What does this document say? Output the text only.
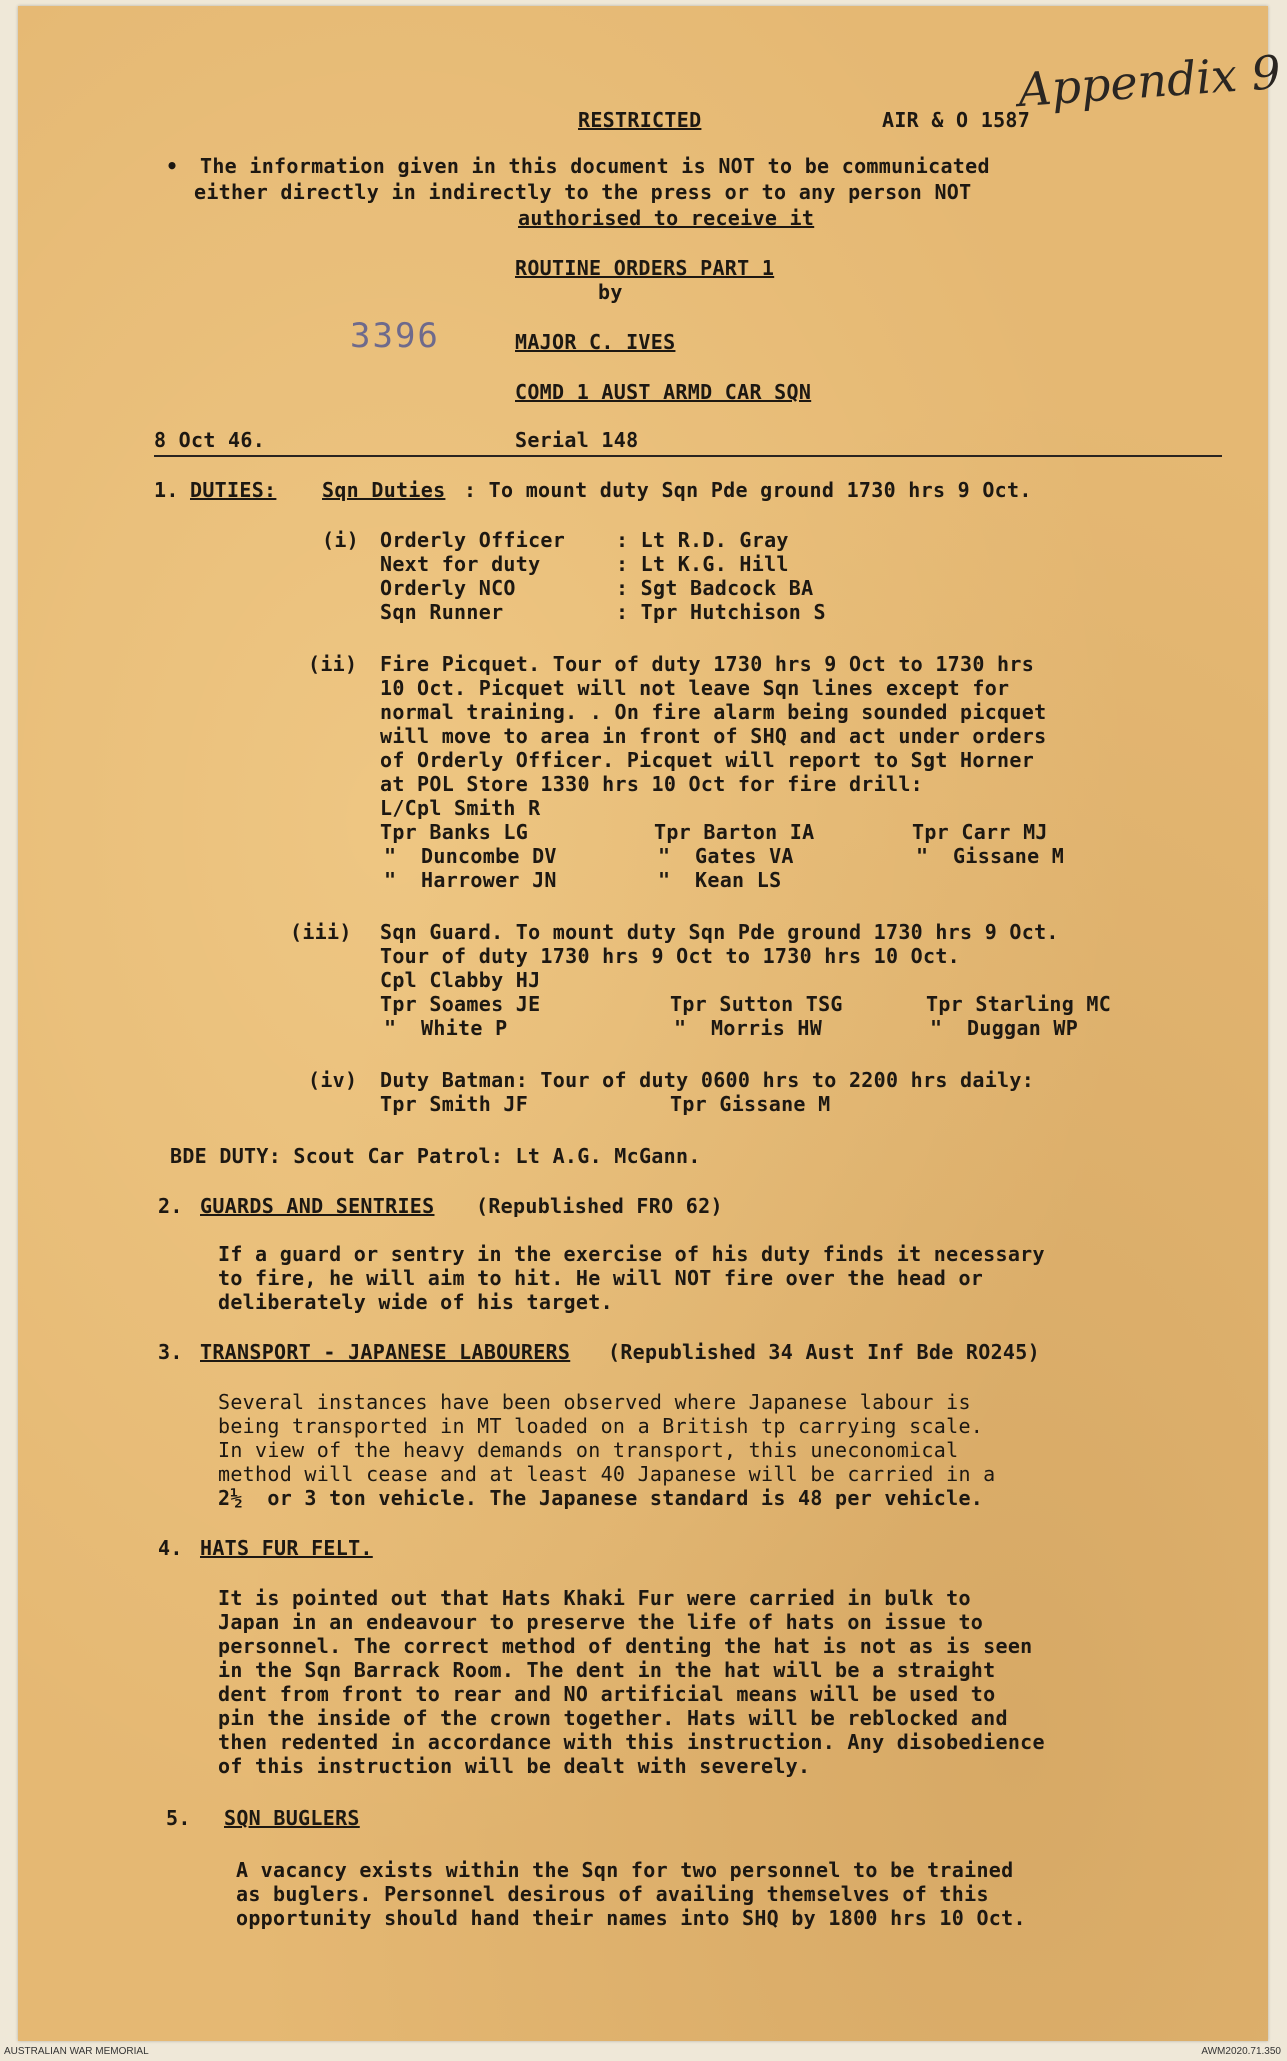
Appendix 9
RESTRICTED	AIR & O 1587
• The information given in this document is NOT to be communicated
either directly in indirectly to the press or to any person NOT
authorised to receive it
ROUTINE ORDERS PART 1
by
3396	MAJOR C. IVES
COMD 1 AUST ARMD CAR SQN
8 Oct 46.	Serial 148
1. DUTIES: Sqn Duties : To mount duty Sqn Pde ground 1730 hrs 9 Oct.
(i) Orderly Officer	: Lt R.D. Gray
Next for duty	: Lt K.G. Hill
Orderly NCO	: Sgt Badcock BA
Sqn Runner	: Tpr Hutchison S
(ii) Fire Picquet. Tour of duty 1730 hrs 9 Oct to 1730 hrs
10 Oct. Picquet will not leave Sqn lines except for
normal training. . On fire alarm being sounded picquet
will move to area in front of SHQ and act under orders
of Orderly Officer. Picquet will report to Sgt Horner
at POL Store 1330 hrs 10 Oct for fire drill:
L/Cpl Smith R
Tpr Banks LG	Tpr Barton IA	Tpr Carr MJ
"  Duncombe DV	"  Gates VA	"  Gissane M
"  Harrower JN	"  Kean LS
(iii) Sqn Guard. To mount duty Sqn Pde ground 1730 hrs 9 Oct.
Tour of duty 1730 hrs 9 Oct to 1730 hrs 10 Oct.
Cpl Clabby HJ
Tpr Soames JE	Tpr Sutton TSG	Tpr Starling MC
"  White P	"  Morris HW	"  Duggan WP
(iv) Duty Batman: Tour of duty 0600 hrs to 2200 hrs daily:
Tpr Smith JF	Tpr Gissane M
BDE DUTY: Scout Car Patrol: Lt A.G. McGann.
2. GUARDS AND SENTRIES (Republished FRO 62)
If a guard or sentry in the exercise of his duty finds it necessary
to fire, he will aim to hit. He will NOT fire over the head or
deliberately wide of his target.
3. TRANSPORT - JAPANESE LABOURERS (Republished 34 Aust Inf Bde RO245)
Several instances have been observed where Japanese labour is
being transported in MT loaded on a British tp carrying scale.
In view of the heavy demands on transport, this uneconomical
method will cease and at least 40 Japanese will be carried in a
2½  or 3 ton vehicle. The Japanese standard is 48 per vehicle.
4. HATS FUR FELT.
It is pointed out that Hats Khaki Fur were carried in bulk to
Japan in an endeavour to preserve the life of hats on issue to
personnel. The correct method of denting the hat is not as is seen
in the Sqn Barrack Room. The dent in the hat will be a straight
dent from front to rear and NO artificial means will be used to
pin the inside of the crown together. Hats will be reblocked and
then redented in accordance with this instruction. Any disobedience
of this instruction will be dealt with severely.
5. SQN BUGLERS
A vacancy exists within the Sqn for two personnel to be trained
as buglers. Personnel desirous of availing themselves of this
opportunity should hand their names into SHQ by 1800 hrs 10 Oct.
AUSTRALIAN WAR MEMORIAL	AWM2020.71.350
